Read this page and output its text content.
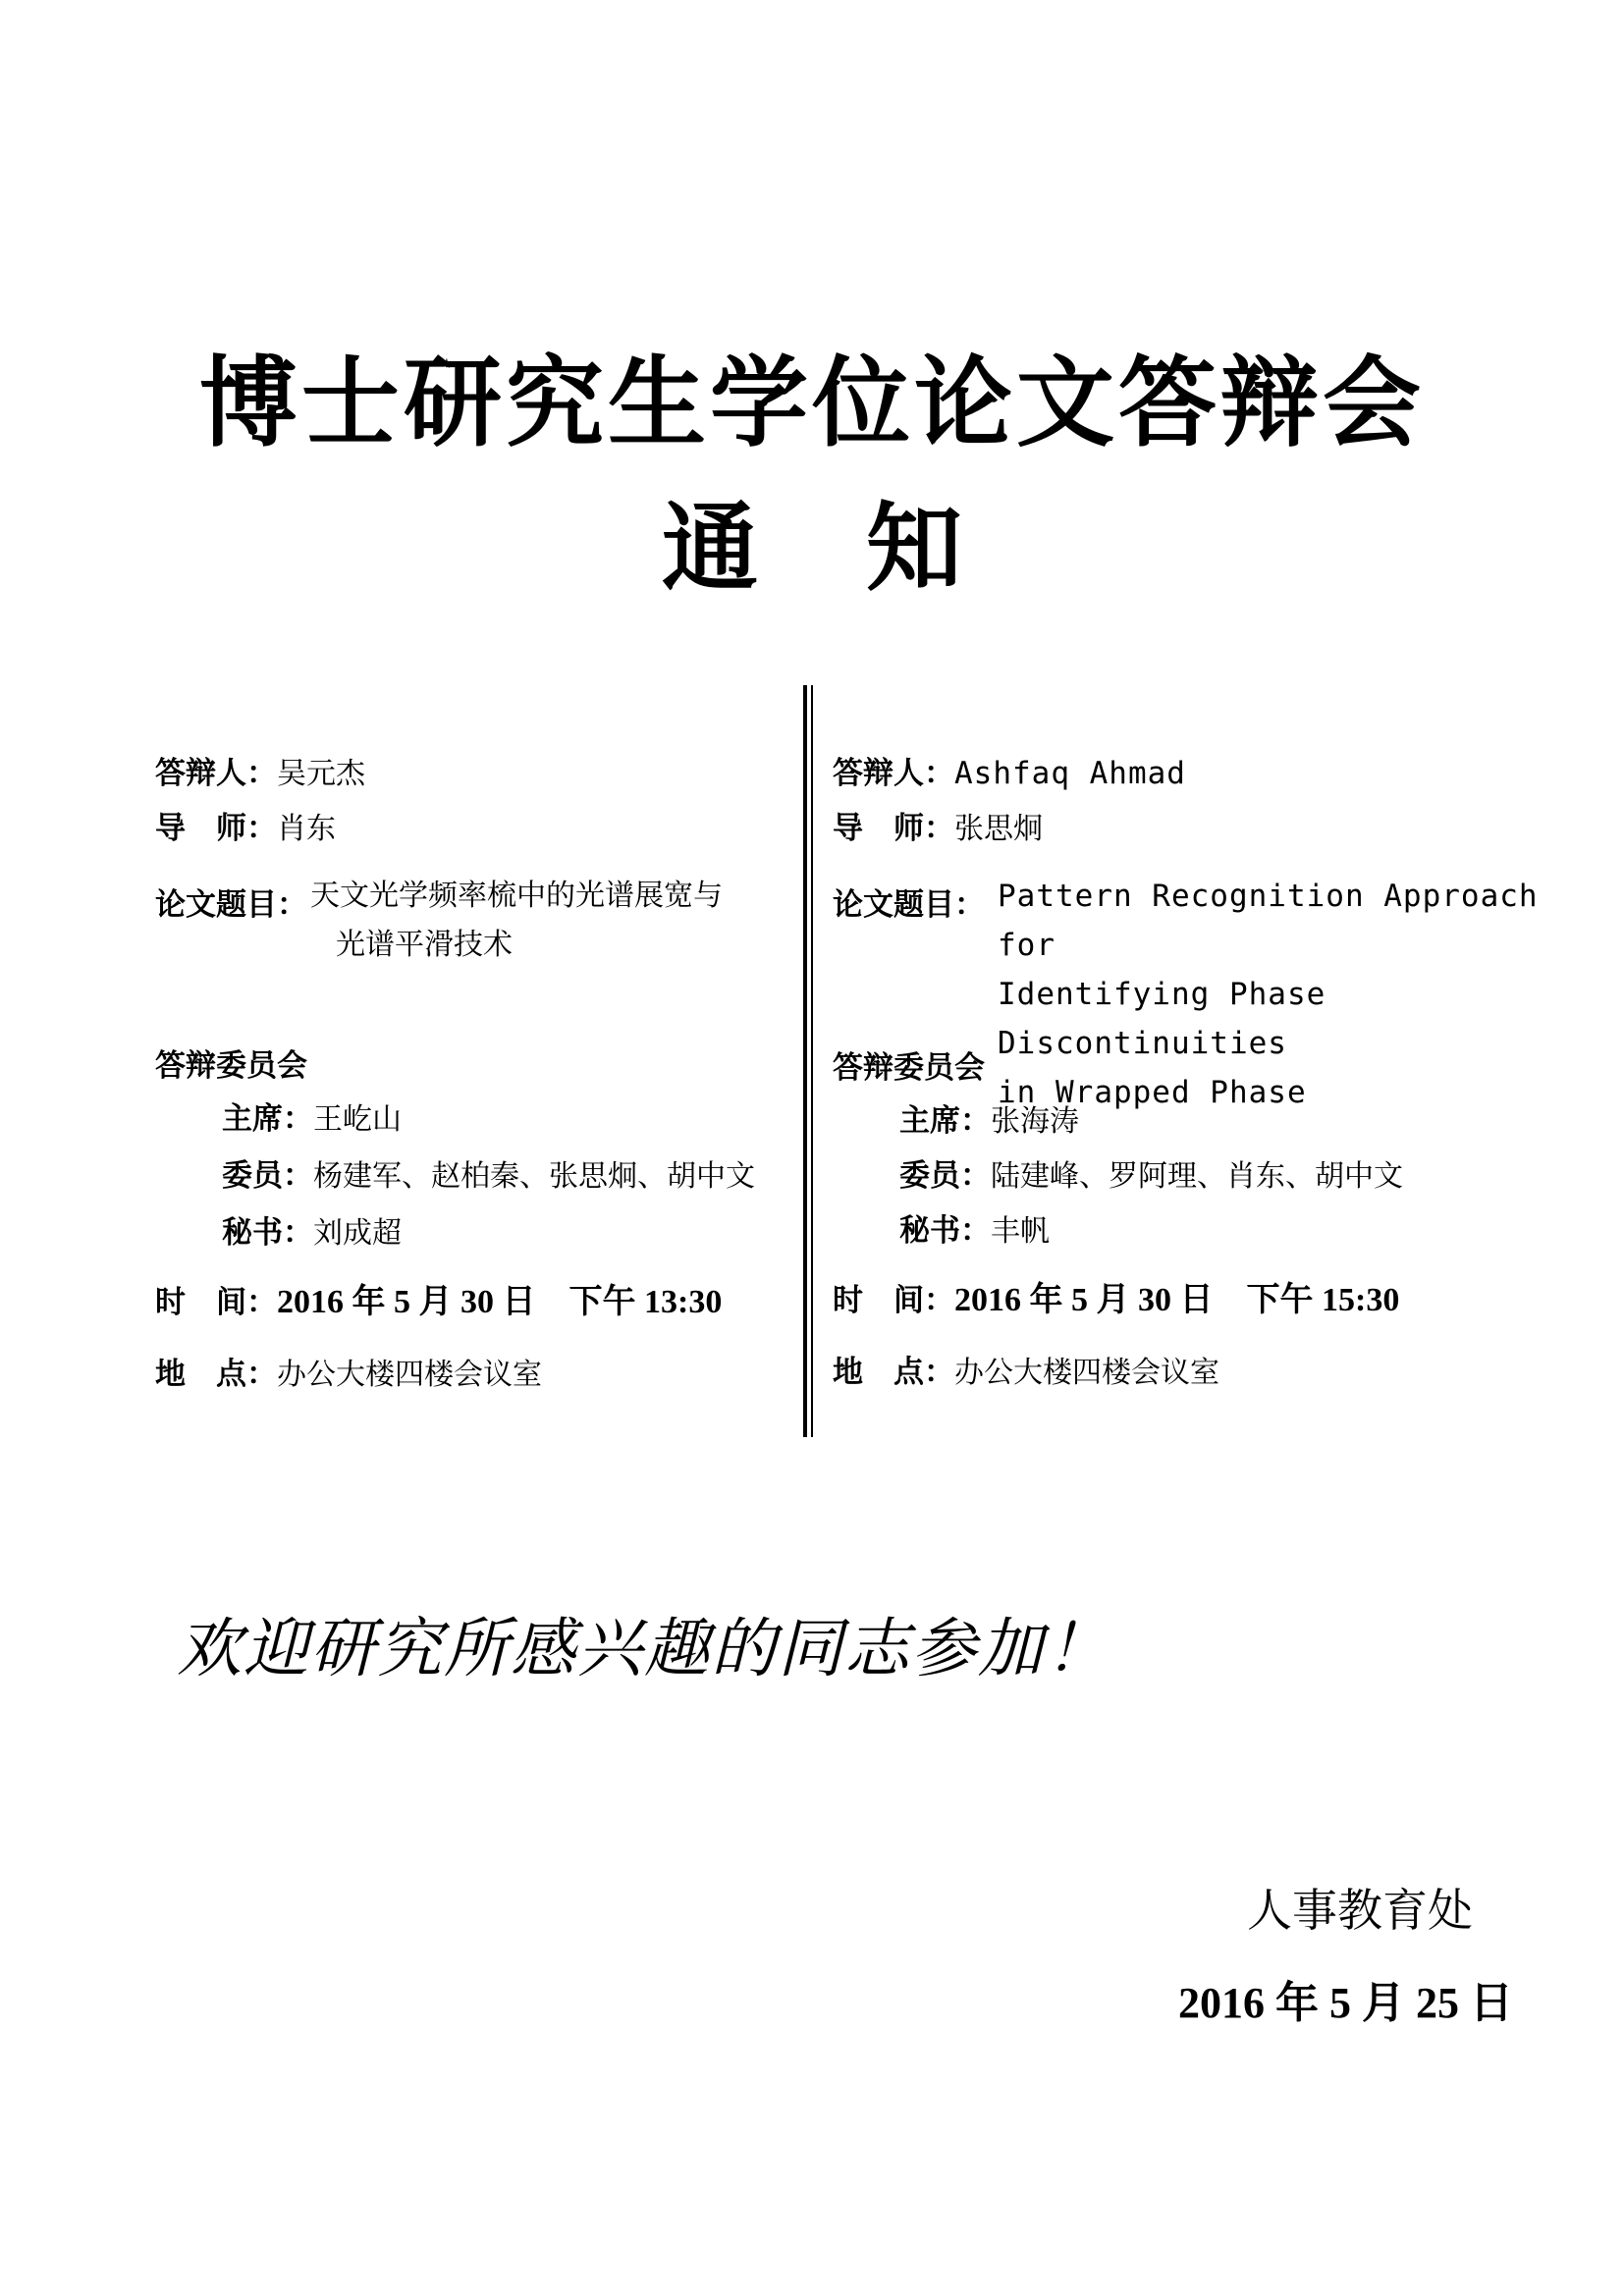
博士研究生学位论文答辩会
通知
答辩人：吴元杰
导　师：肖东
论文题目： 天文光学频率梳中的光谱展宽与
光谱平滑技术
答辩委员会
主席：王屹山
委员：杨建军、赵柏秦、张思炯、胡中文
秘书：刘成超
时　间：2016 年 5 月 30 日　下午 13:30
地　点：办公大楼四楼会议室
答辩人：Ashfaq Ahmad
导　师：张思炯
论文题目： Pattern Recognition Approach for
Identifying Phase Discontinuities
in Wrapped Phase
答辩委员会
主席：张海涛
委员：陆建峰、罗阿理、肖东、胡中文
秘书：丰帆
时　间：2016 年 5 月 30 日　下午 15:30
地　点：办公大楼四楼会议室
欢迎研究所感兴趣的同志参加！
人事教育处
2016 年 5 月 25 日
